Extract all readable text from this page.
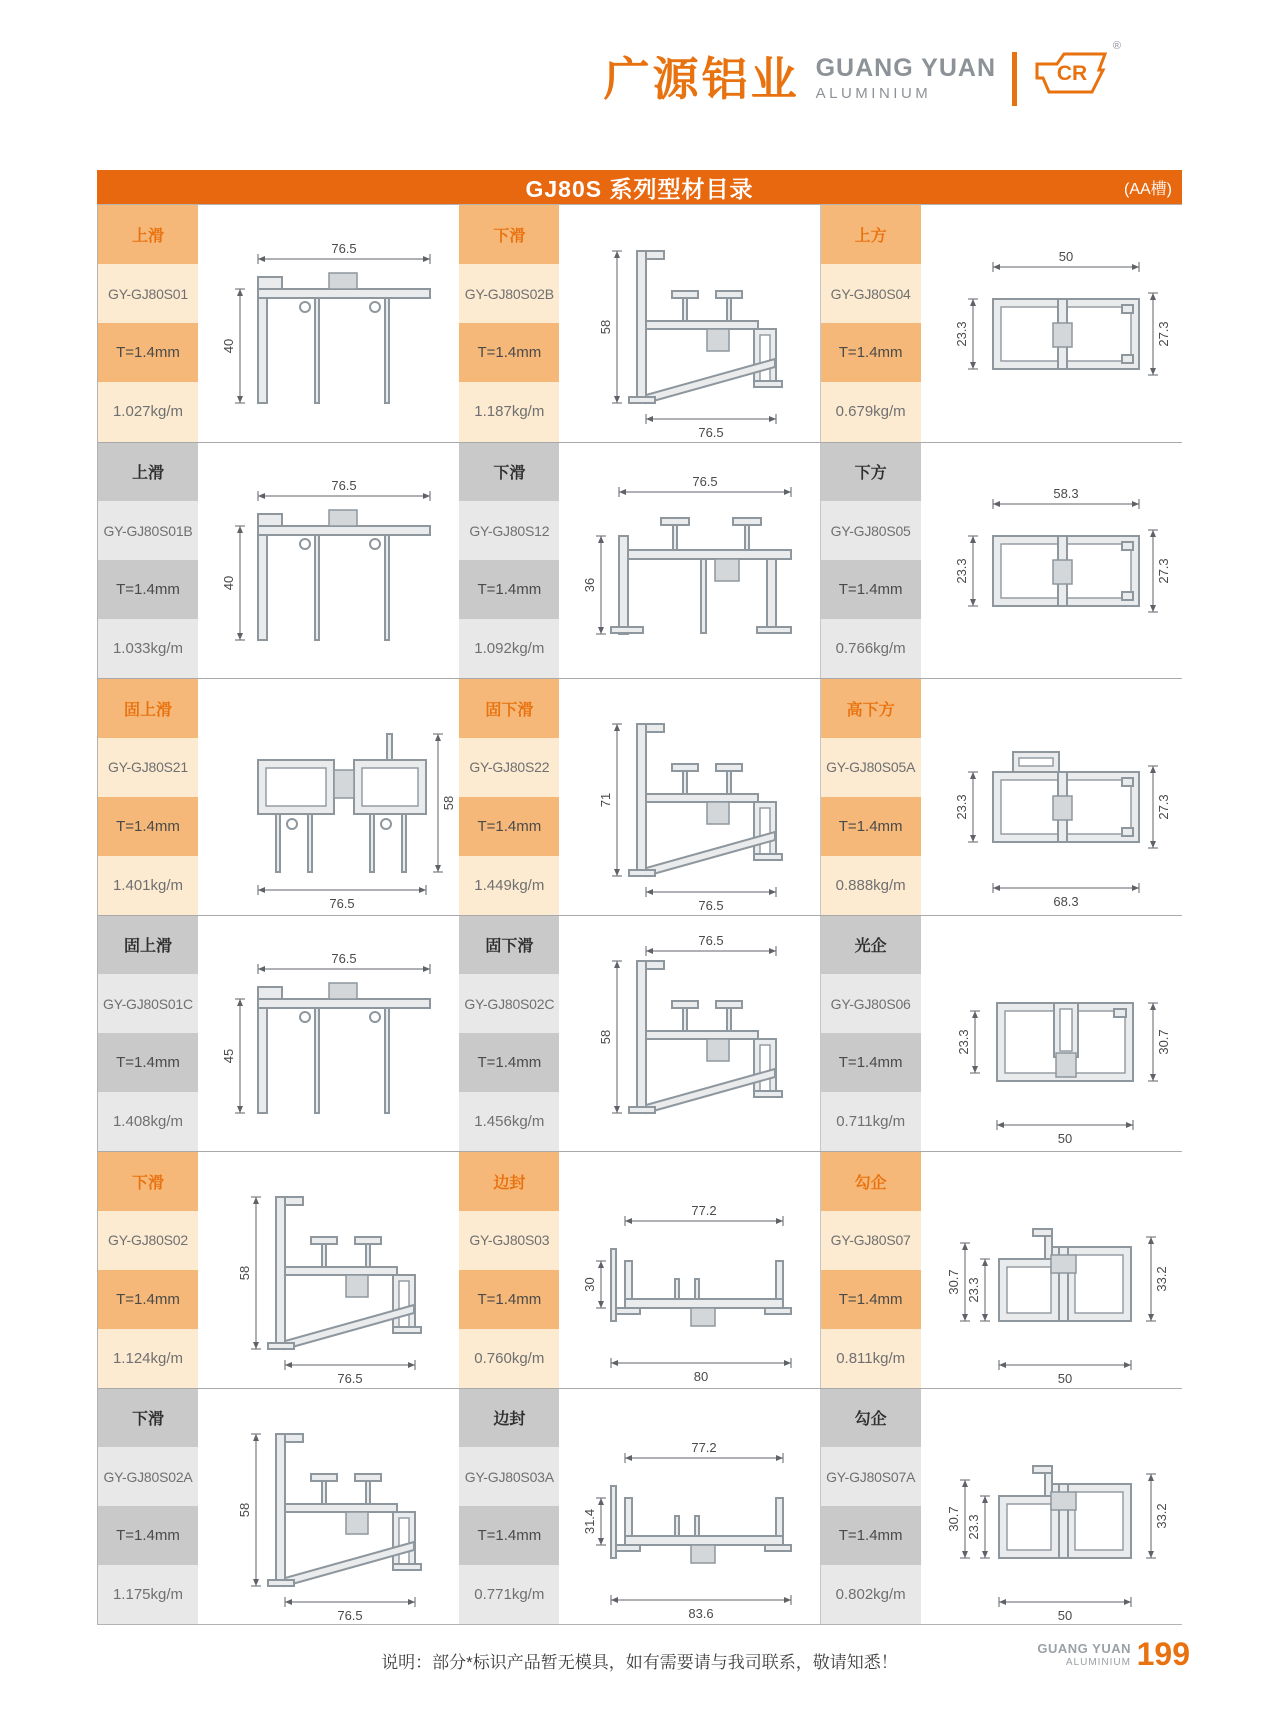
广源铝业 GUANG YUAN
ALUMINIUM
CR
®
GJ80S 系列型材目录	(AA槽)
上滑
GY-GJ80S01
T=1.4mm
1.027kg/m
76.5
40
下滑
GY-GJ80S02B
T=1.4mm
1.187kg/m
58
76.5
上方
GY-GJ80S04
T=1.4mm
0.679kg/m
50
23.3	27.3
上滑
GY-GJ80S01B
T=1.4mm
1.033kg/m
76.5
40
下滑
GY-GJ80S12
T=1.4mm
1.092kg/m
76.5
36
下方
GY-GJ80S05
T=1.4mm
0.766kg/m
58.3
23.3	27.3
固上滑
GY-GJ80S21
T=1.4mm
1.401kg/m
58
76.5
固下滑
GY-GJ80S22
T=1.4mm
1.449kg/m
71
76.5
高下方
GY-GJ80S05A
T=1.4mm
0.888kg/m
23.3	27.3
68.3
固上滑
GY-GJ80S01C
T=1.4mm
1.408kg/m
76.5
45
固下滑
GY-GJ80S02C
T=1.4mm
1.456kg/m
76.5
58
光企
GY-GJ80S06
T=1.4mm
0.711kg/m
23.3	30.7
50
下滑
GY-GJ80S02
T=1.4mm
1.124kg/m
58
76.5
边封
GY-GJ80S03
T=1.4mm
0.760kg/m
77.2
30
80
勾企
GY-GJ80S07
T=1.4mm
0.811kg/m
30.7 23.3	33.2
50
下滑
GY-GJ80S02A
T=1.4mm
1.175kg/m
58
76.5
边封
GY-GJ80S03A
T=1.4mm
0.771kg/m
77.2
31.4
83.6
勾企
GY-GJ80S07A
T=1.4mm
0.802kg/m
30.7 23.3	33.2
50
说明：部分*标识产品暂无模具，如有需要请与我司联系，敬请知悉！
GUANG YUAN
ALUMINIUM 199
